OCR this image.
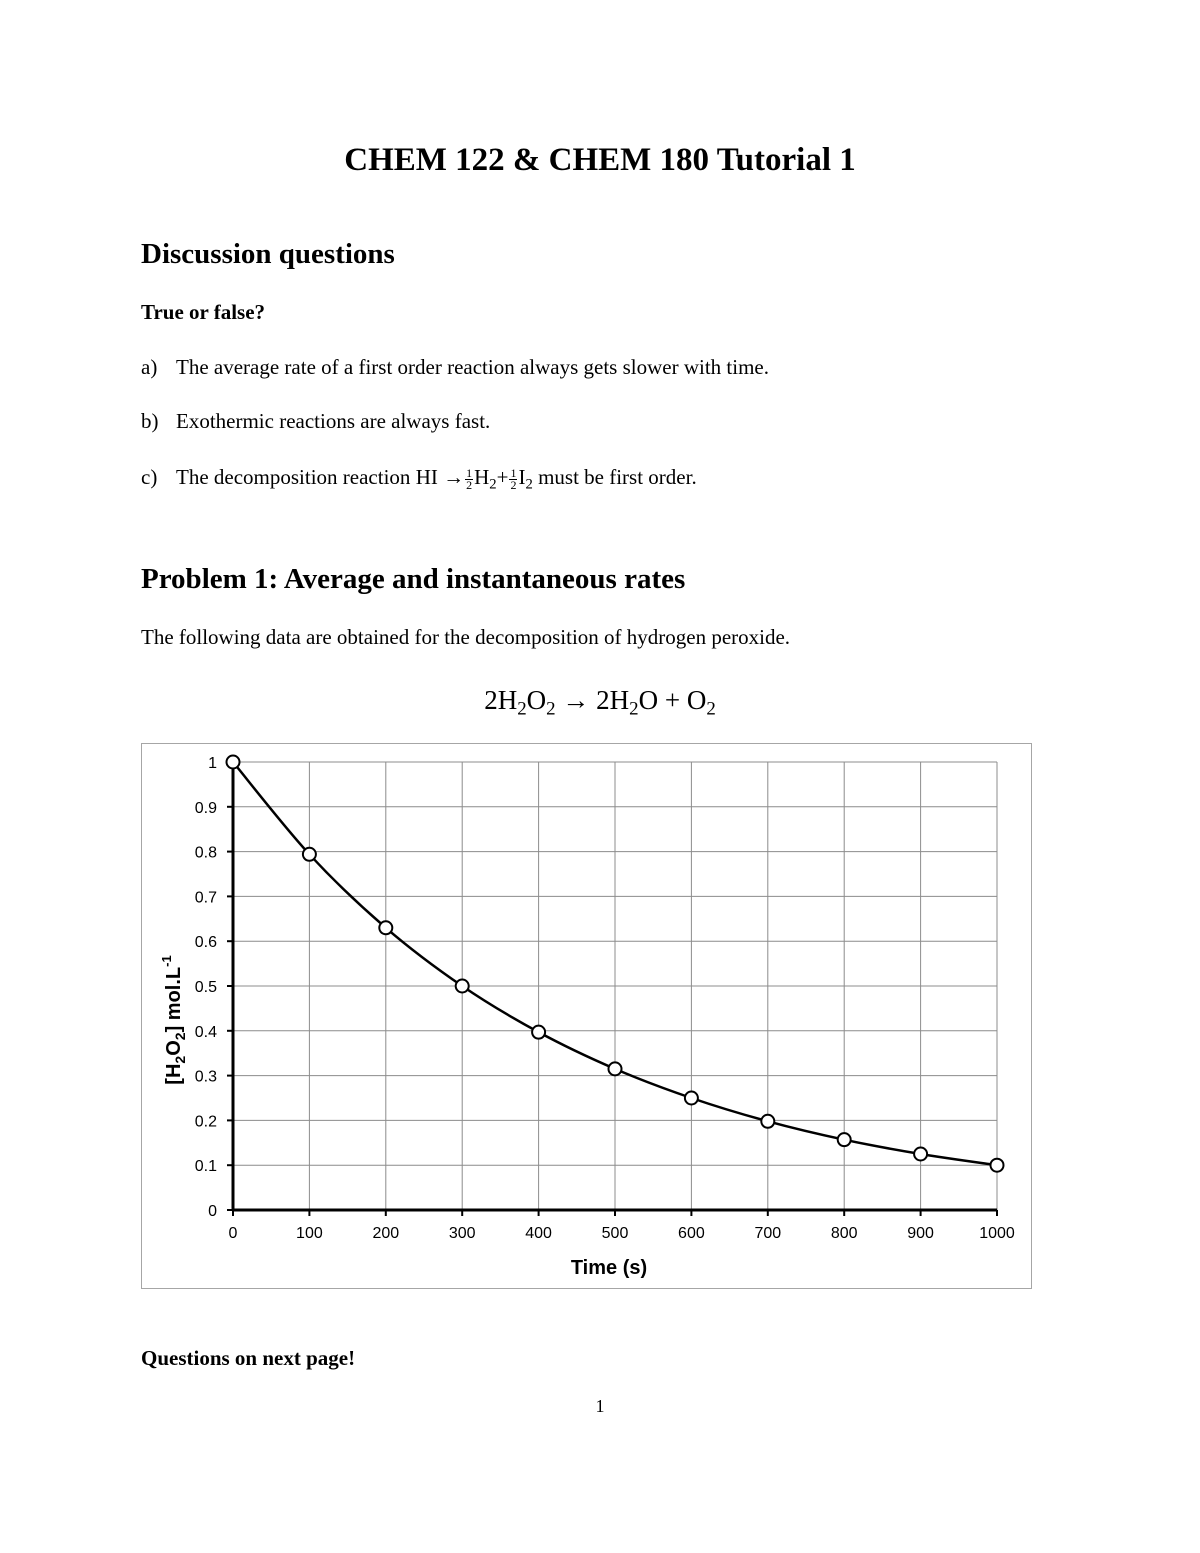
CHEM 122 & CHEM 180 Tutorial 1
Discussion questions
True or false?
a) The average rate of a first order reaction always gets slower with time.
b) Exothermic reactions are always fast.
c) The decomposition reaction HI → $\frac{1}{2} H_2+ \frac{1}{2} I_2$ must be first order.
Problem 1: Average and instantaneous rates
The following data are obtained for the decomposition of hydrogen peroxide.
$2H_2O_2 \to 2H_2O + O_2$
0	100	200	300	400	500	600	700	800	900	1000
0
0.1
0.2
0.3
0.4
0.5
0.6
0.7
0.8
0.9
1
Time (s)
$[H_2O_2]$ $mol.L^{-1}$
Questions on next page!
1
